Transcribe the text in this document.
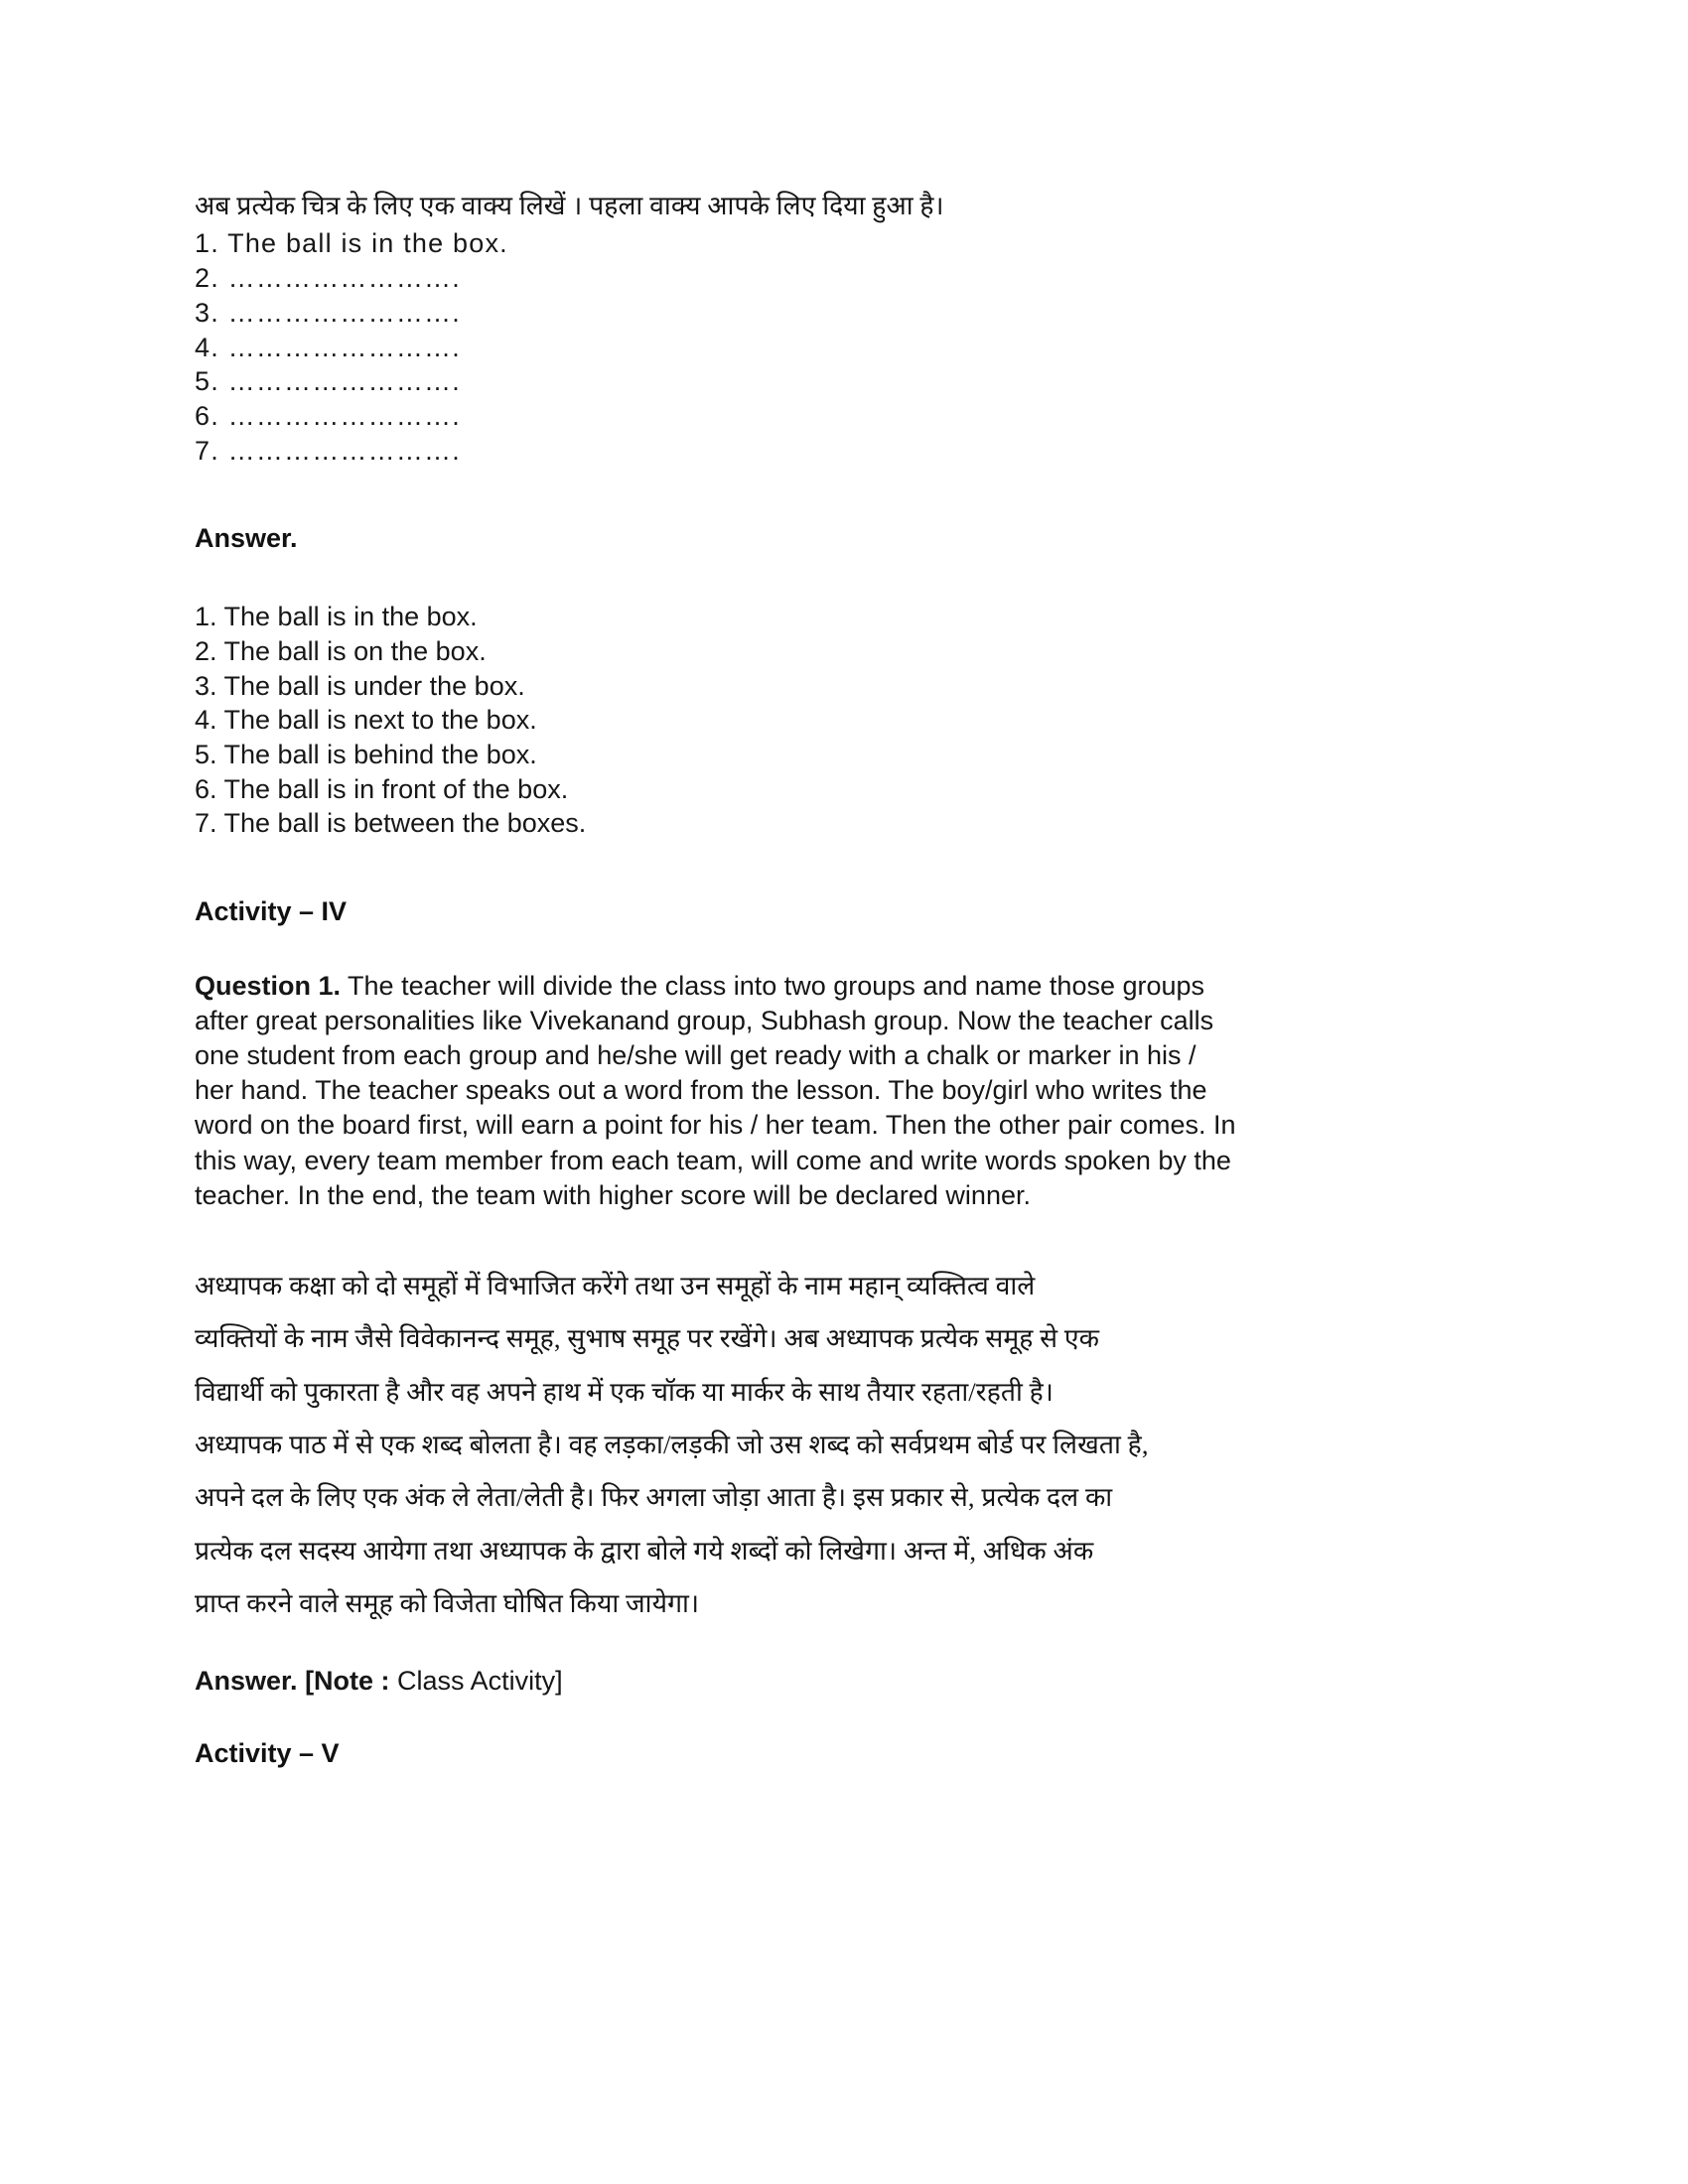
अब प्रत्येक चित्र के लिए एक वाक्य लिखें । पहला वाक्य आपके लिए दिया हुआ है।
1. The ball is in the box.
2. …………………….
3. …………………….
4. …………………….
5. …………………….
6. …………………….
7. …………………….
Answer.
1. The ball is in the box.
2. The ball is on the box.
3. The ball is under the box.
4. The ball is next to the box.
5. The ball is behind the box.
6. The ball is in front of the box.
7. The ball is between the boxes.
Activity – IV
Question 1. The teacher will divide the class into two groups and name those groups
after great personalities like Vivekanand group, Subhash group. Now the teacher calls
one student from each group and he/she will get ready with a chalk or marker in his /
her hand. The teacher speaks out a word from the lesson. The boy/girl who writes the
word on the board first, will earn a point for his / her team. Then the other pair comes. In
this way, every team member from each team, will come and write words spoken by the
teacher. In the end, the team with higher score will be declared winner.
अध्यापक कक्षा को दो समूहों में विभाजित करेंगे तथा उन समूहों के नाम महान् व्यक्तित्व वाले
व्यक्तियों के नाम जैसे विवेकानन्द समूह, सुभाष समूह पर रखेंगे। अब अध्यापक प्रत्येक समूह से एक
विद्यार्थी को पुकारता है और वह अपने हाथ में एक चॉक या मार्कर के साथ तैयार रहता/रहती है।
अध्यापक पाठ में से एक शब्द बोलता है। वह लड़का/लड़की जो उस शब्द को सर्वप्रथम बोर्ड पर लिखता है,
अपने दल के लिए एक अंक ले लेता/लेती है। फिर अगला जोड़ा आता है। इस प्रकार से, प्रत्येक दल का
प्रत्येक दल सदस्य आयेगा तथा अध्यापक के द्वारा बोले गये शब्दों को लिखेगा। अन्त में, अधिक अंक
प्राप्त करने वाले समूह को विजेता घोषित किया जायेगा।
Answer. [Note : Class Activity]
Activity – V
